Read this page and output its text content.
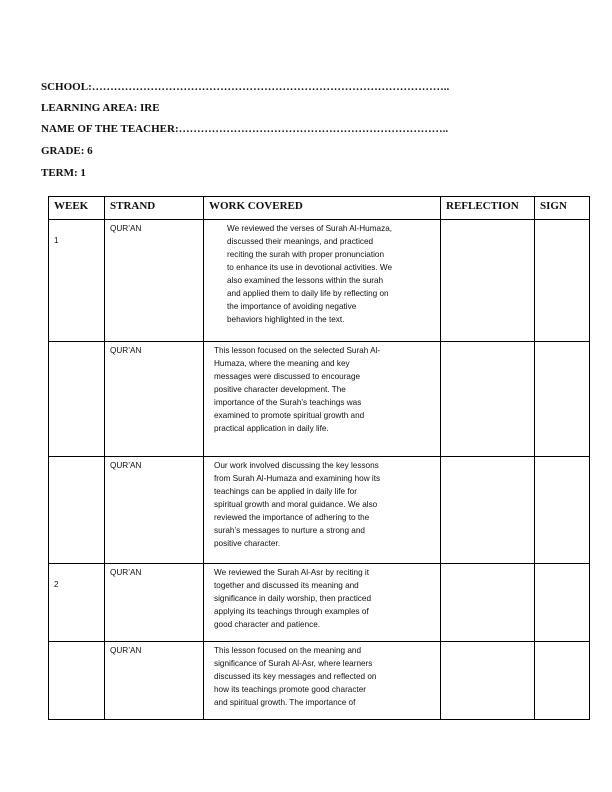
SCHOOL:……………………………………………………………………………………..
LEARNING AREA: IRE
NAME OF THE TEACHER:………………………………………………………………..
GRADE: 6
TERM: 1
WEEK	STRAND	WORK COVERED	REFLECTION	SIGN
1	QUR’AN	We reviewed the verses of Surah Al-Humaza,
discussed their meanings, and practiced
reciting the surah with proper pronunciation
to enhance its use in devotional activities. We
also examined the lessons within the surah
and applied them to daily life by reflecting on
the importance of avoiding negative
behaviors highlighted in the text.		
	QUR’AN	This lesson focused on the selected Surah Al-
Humaza, where the meaning and key
messages were discussed to encourage
positive character development. The
importance of the Surah’s teachings was
examined to promote spiritual growth and
practical application in daily life.		
	QUR’AN	Our work involved discussing the key lessons
from Surah Al-Humaza and examining how its
teachings can be applied in daily life for
spiritual growth and moral guidance. We also
reviewed the importance of adhering to the
surah’s messages to nurture a strong and
positive character.		
2	QUR’AN	We reviewed the Surah Al-Asr by reciting it
together and discussed its meaning and
significance in daily worship, then practiced
applying its teachings through examples of
good character and patience.		
	QUR’AN	This lesson focused on the meaning and
significance of Surah Al-Asr, where learners
discussed its key messages and reflected on
how its teachings promote good character
and spiritual growth. The importance of		
